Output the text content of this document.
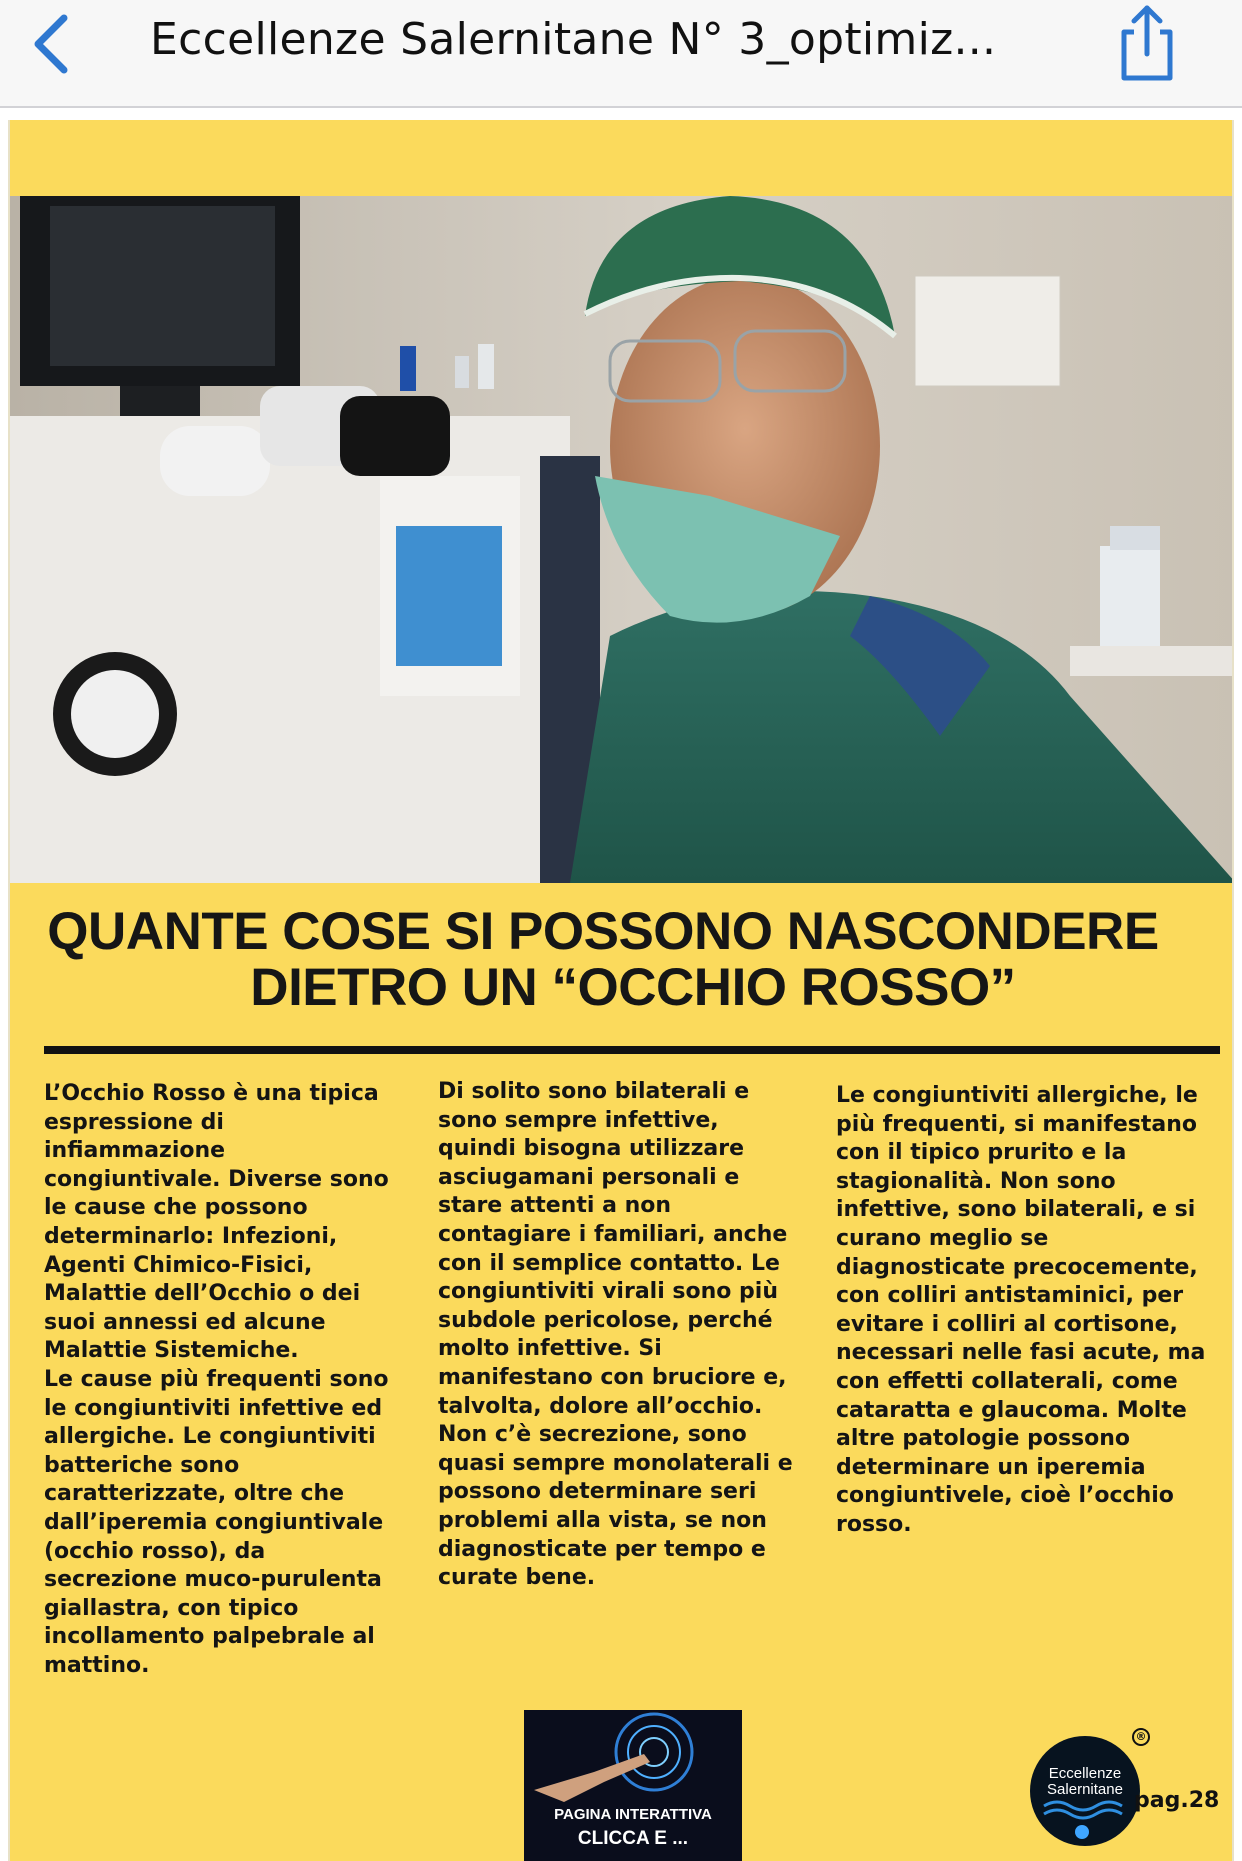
Eccellenze Salernitane N° 3_optimiz...
QUANTE COSE SI POSSONO NASCONDERE
DIETRO UN “OCCHIO ROSSO”

L’Occhio Rosso è una tipica espressione di infiammazione congiuntivale. Diverse sono le cause che possono determinarlo: Infezioni, Agenti Chimico-Fisici, Malattie dell’Occhio o dei suoi annessi ed alcune Malattie Sistemiche.

Le cause più frequenti sono le congiuntiviti infettive ed allergiche. Le congiuntiviti batteriche sono caratterizzate, oltre che dall’iperemia congiuntivale (occhio rosso), da secrezione muco-purulenta giallastra, con tipico incollamento palpebrale al mattino.

Di solito sono bilaterali e sono sempre infettive, quindi bisogna utilizzare asciugamani personali e stare attenti a non contagiare i familiari, anche con il semplice contatto. Le congiuntiviti virali sono più subdole pericolose, perché molto infettive. Si manifestano con bruciore e, talvolta, dolore all’occhio. Non c’è secrezione, sono quasi sempre monolaterali e possono determinare seri problemi alla vista, se non diagnosticate per tempo e curate bene.

Le congiuntiviti allergiche, le più frequenti, si manifestano con il tipico prurito e la stagionalità. Non sono infettive, sono bilaterali, e si curano meglio se diagnosticate precocemente, con colliri antistaminici, per evitare i colliri al cortisone, necessari nelle fasi acute, ma con effetti collaterali, come cataratta e glaucoma. Molte altre patologie possono determinare un iperemia congiuntivele, cioè l’occhio rosso.

PAGINA INTERATTIVA
CLICCA E ...
Eccellenze
Salernitane
®
pag.28
